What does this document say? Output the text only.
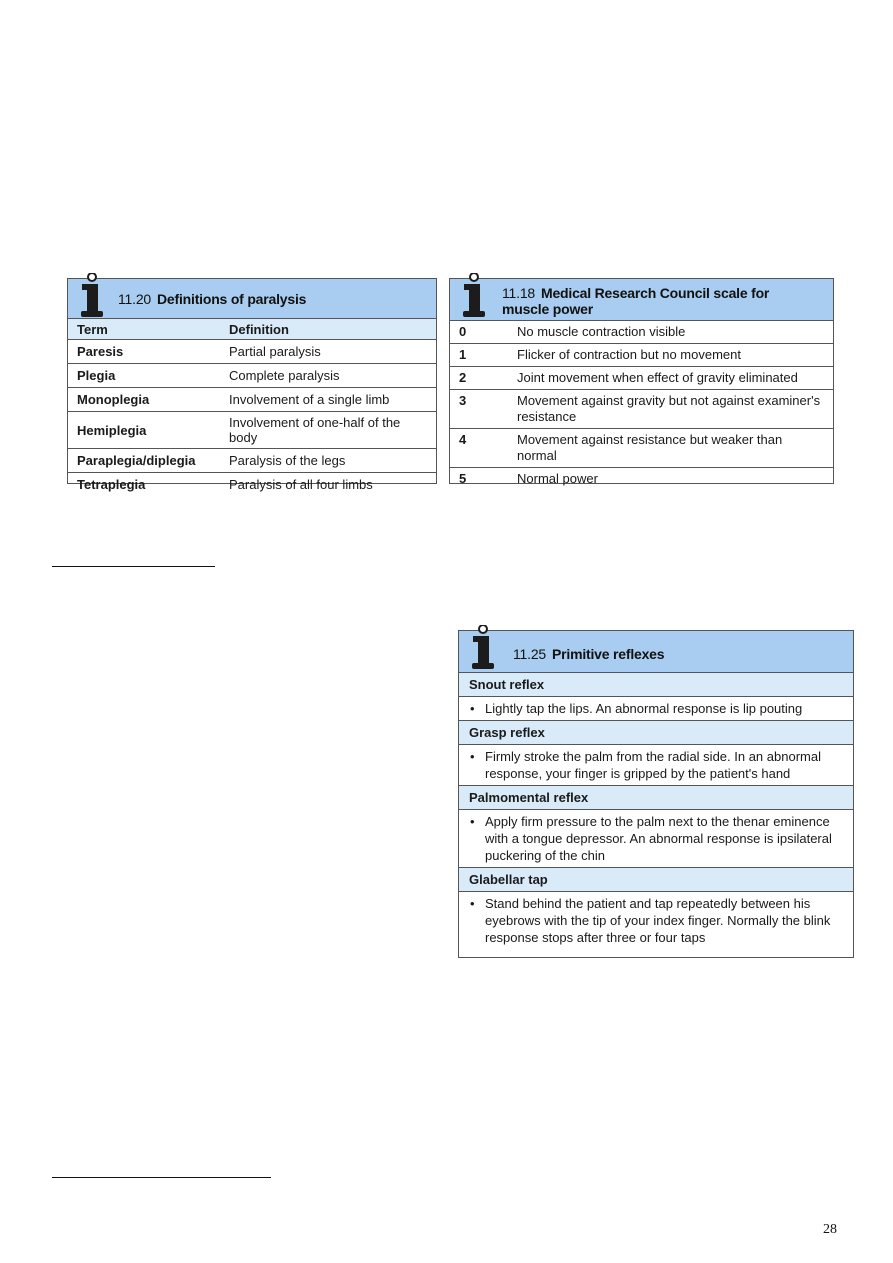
11.20 Definitions of paralysis
Term	Definition
Paresis	Partial paralysis
Plegia	Complete paralysis
Monoplegia	Involvement of a single limb
Hemiplegia	Involvement of one-half of the body
Paraplegia/diplegia	Paralysis of the legs
Tetraplegia	Paralysis of all four limbs
11.18 Medical Research Council scale for
muscle power
0	No muscle contraction visible
1	Flicker of contraction but no movement
2	Joint movement when effect of gravity eliminated
3	Movement against gravity but not against examiner's resistance
4	Movement against resistance but weaker than normal
5	Normal power
11.25 Primitive reflexes
Snout reflex
• Lightly tap the lips. An abnormal response is lip pouting
Grasp reflex
• Firmly stroke the palm from the radial side. In an abnormal response, your finger is gripped by the patient's hand
Palmomental reflex
• Apply firm pressure to the palm next to the thenar eminence with a tongue depressor. An abnormal response is ipsilateral puckering of the chin
Glabellar tap
• Stand behind the patient and tap repeatedly between his eyebrows with the tip of your index finger. Normally the blink response stops after three or four taps
28
